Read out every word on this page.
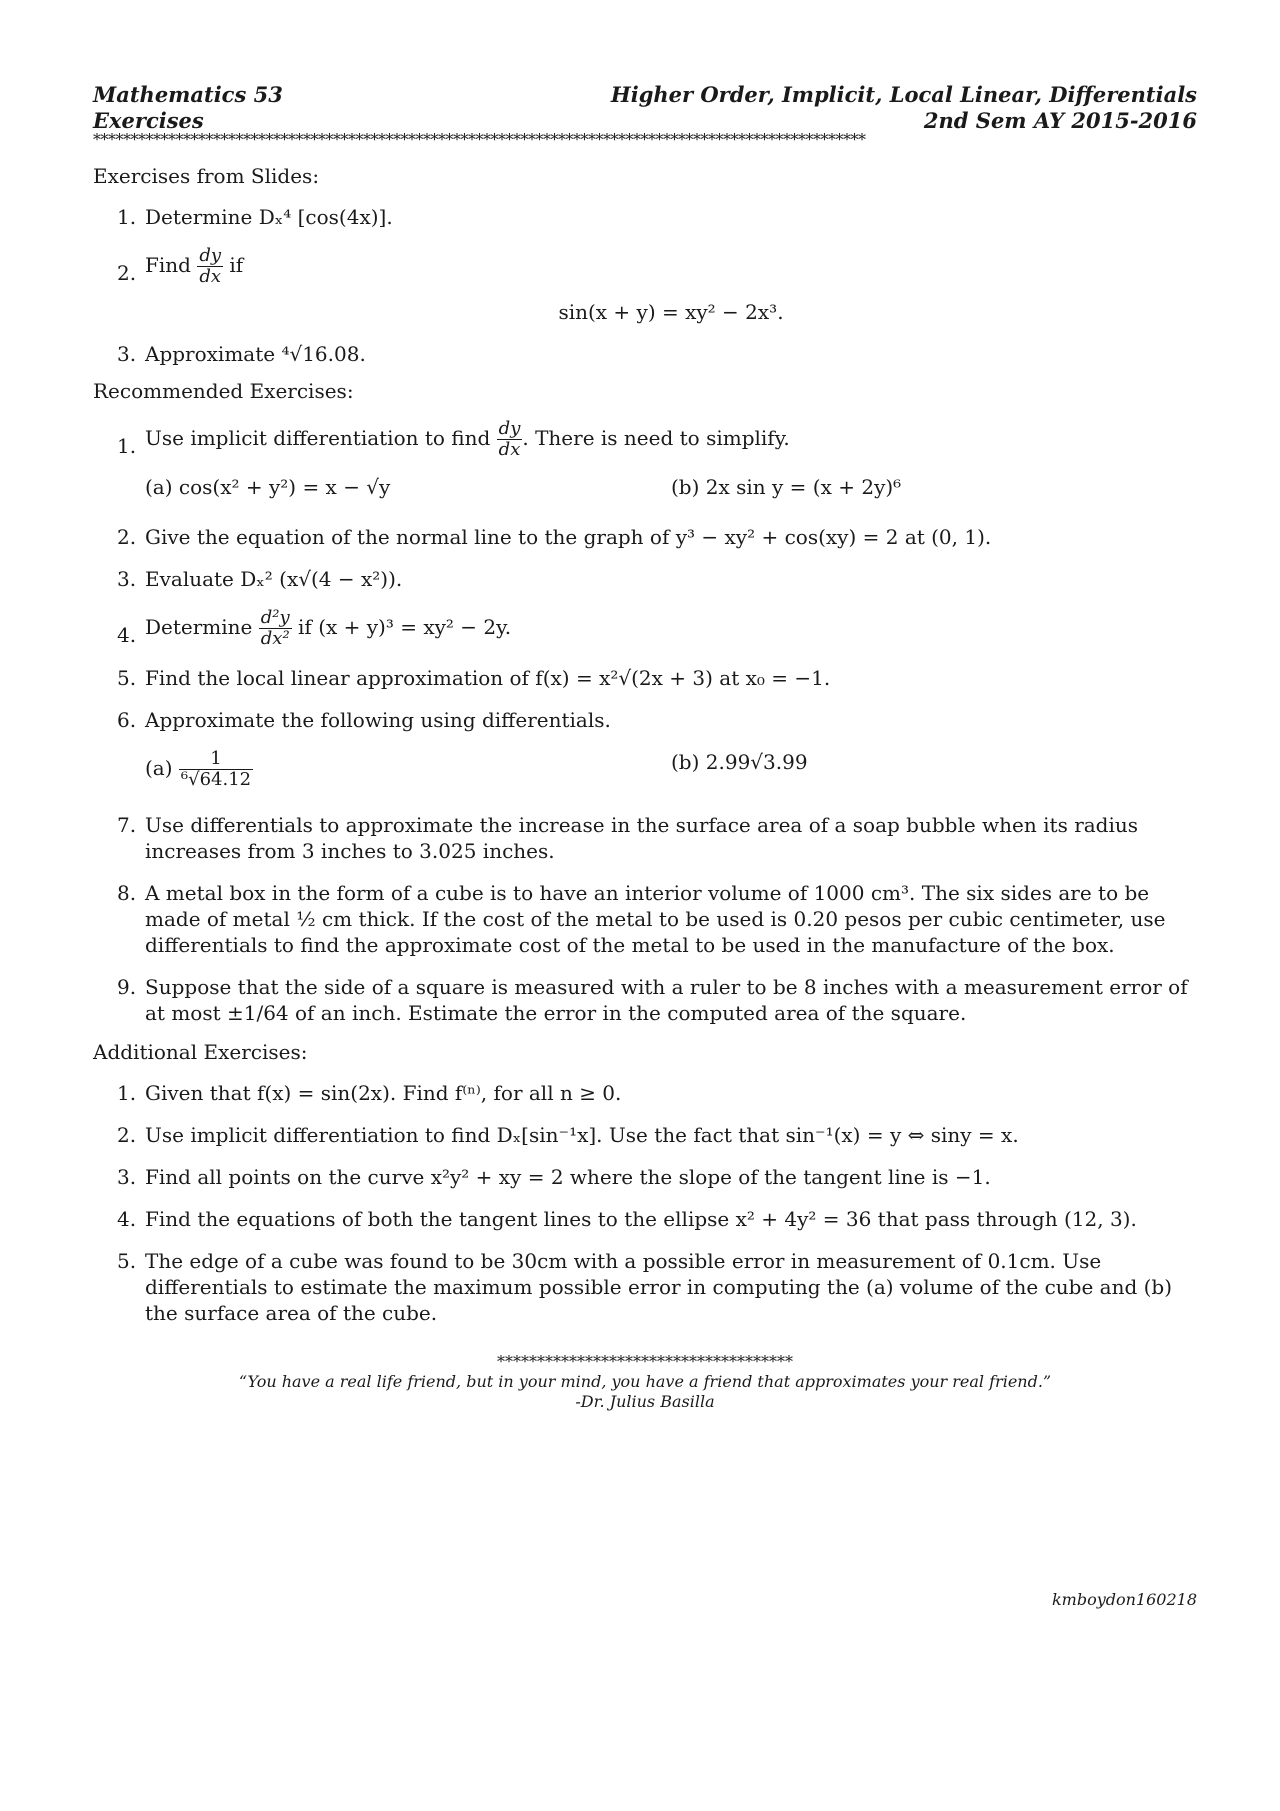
Mathematics 53
Exercises
Higher Order, Implicit, Local Linear, Differentials
2nd Sem AY 2015-2016
*******************************************************************************************************
Exercises from Slides:
1. Determine Dₓ⁴ [cos(4x)].
2. Find $\frac{dy}{dx}$ if
sin(x + y) = xy² − 2x³.
3. Approximate ⁴√16.08.
Recommended Exercises:
1. Use implicit differentiation to find $\frac{dy}{dx}$ . There is need to simplify.
(a) cos(x² + y²) = x − √y	(b) 2x sin y = (x + 2y)⁶
2. Give the equation of the normal line to the graph of y³ − xy² + cos(xy) = 2 at (0, 1).
3. Evaluate Dₓ² (x√(4 − x²)).
4. Determine $\frac{\text{d²y}}{\text{dx²}}$ if (x + y)³ = xy² − 2y.
5. Find the local linear approximation of f(x) = x²√(2x + 3) at x₀ = −1.
6. Approximate the following using differentials.
$(a) \frac{1}{\text{⁶√64.12}}$	(b) 2.99√3.99
7. Use differentials to approximate the increase in the surface area of a soap bubble when its radius increases from 3 inches to 3.025 inches.
8. A metal box in the form of a cube is to have an interior volume of 1000 cm³. The six sides are to be made of metal ½ cm thick. If the cost of the metal to be used is 0.20 pesos per cubic centimeter, use differentials to find the approximate cost of the metal to be used in the manufacture of the box.
9. Suppose that the side of a square is measured with a ruler to be 8 inches with a measurement error of at most ±1/64 of an inch. Estimate the error in the computed area of the square.
Additional Exercises:
1. Given that f(x) = sin(2x). Find f⁽ⁿ⁾, for all n ≥ 0.
2. Use implicit differentiation to find Dₓ[sin⁻¹x]. Use the fact that sin⁻¹(x) = y ⇔ siny = x.
3. Find all points on the curve x²y² + xy = 2 where the slope of the tangent line is −1.
4. Find the equations of both the tangent lines to the ellipse x² + 4y² = 36 that pass through (12, 3).
5. The edge of a cube was found to be 30cm with a possible error in measurement of 0.1cm. Use differentials to estimate the maximum possible error in computing the (a) volume of the cube and (b) the surface area of the cube.
*************************************
“You have a real life friend, but in your mind, you have a friend that approximates your real friend.”
-Dr. Julius Basilla
kmboydon160218
